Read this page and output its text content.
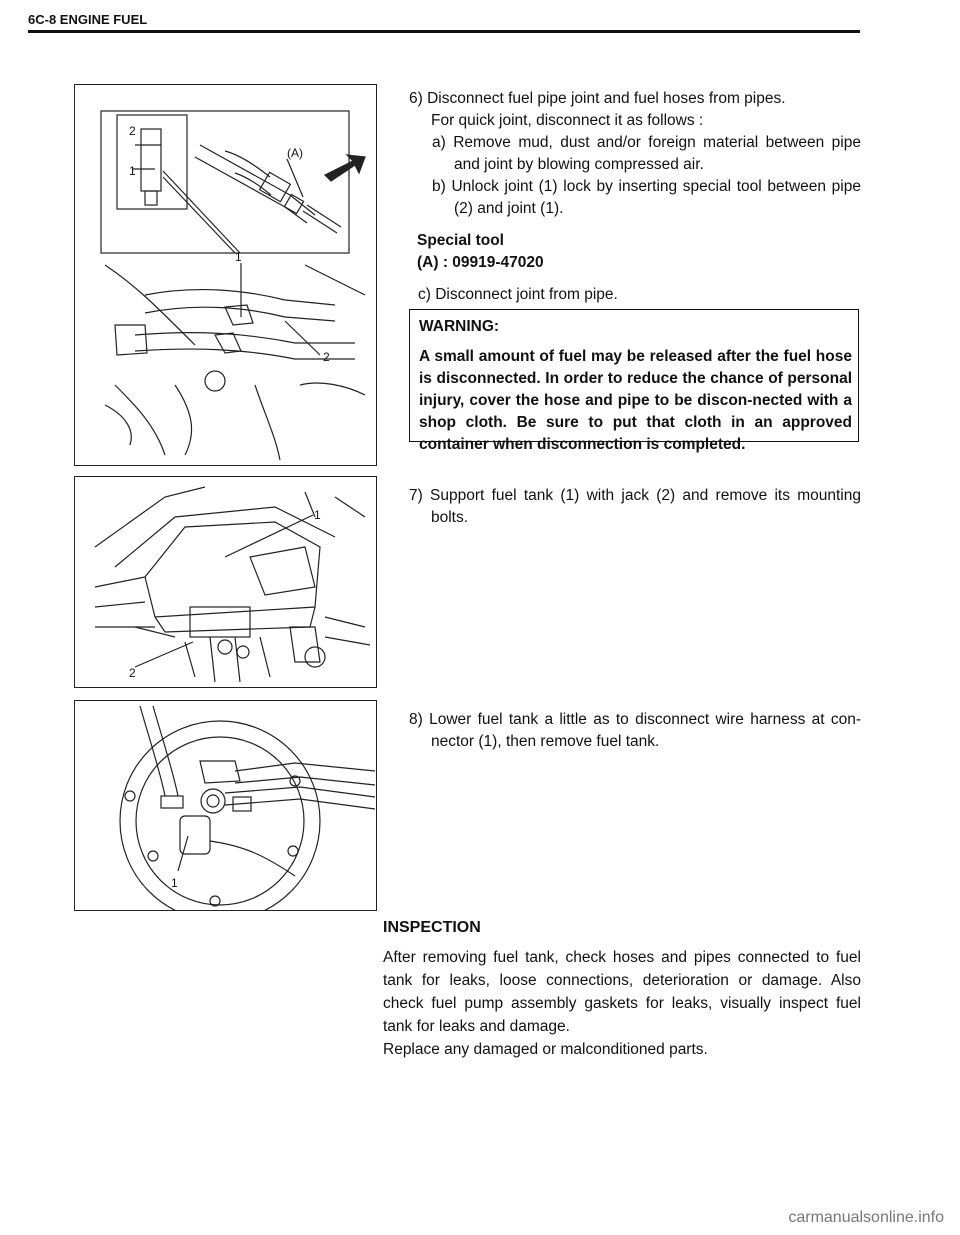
6C-8 ENGINE FUEL
2
1
(A)
1
2
6) Disconnect fuel pipe joint and fuel hoses from pipes.
For quick joint, disconnect it as follows :
a) Remove mud, dust and/or foreign material between pipe and joint by blowing compressed air.
b) Unlock joint (1) lock by inserting special tool between pipe (2) and joint (1).
Special tool
(A) : 09919-47020
c) Disconnect joint from pipe.
WARNING:
A small amount of fuel may be released after the fuel hose is disconnected. In order to reduce the chance of personal injury, cover the hose and pipe to be discon-nected with a shop cloth. Be sure to put that cloth in an approved container when disconnection is completed.
1
2
7) Support fuel tank (1) with jack (2) and remove its mounting bolts.
1
8) Lower fuel tank a little as to disconnect wire harness at con-nector (1), then remove fuel tank.
INSPECTION
After removing fuel tank, check hoses and pipes connected to fuel tank for leaks, loose connections, deterioration or damage. Also check fuel pump assembly gaskets for leaks, visually inspect fuel tank for leaks and damage.
Replace any damaged or malconditioned parts.
carmanualsonline.info
